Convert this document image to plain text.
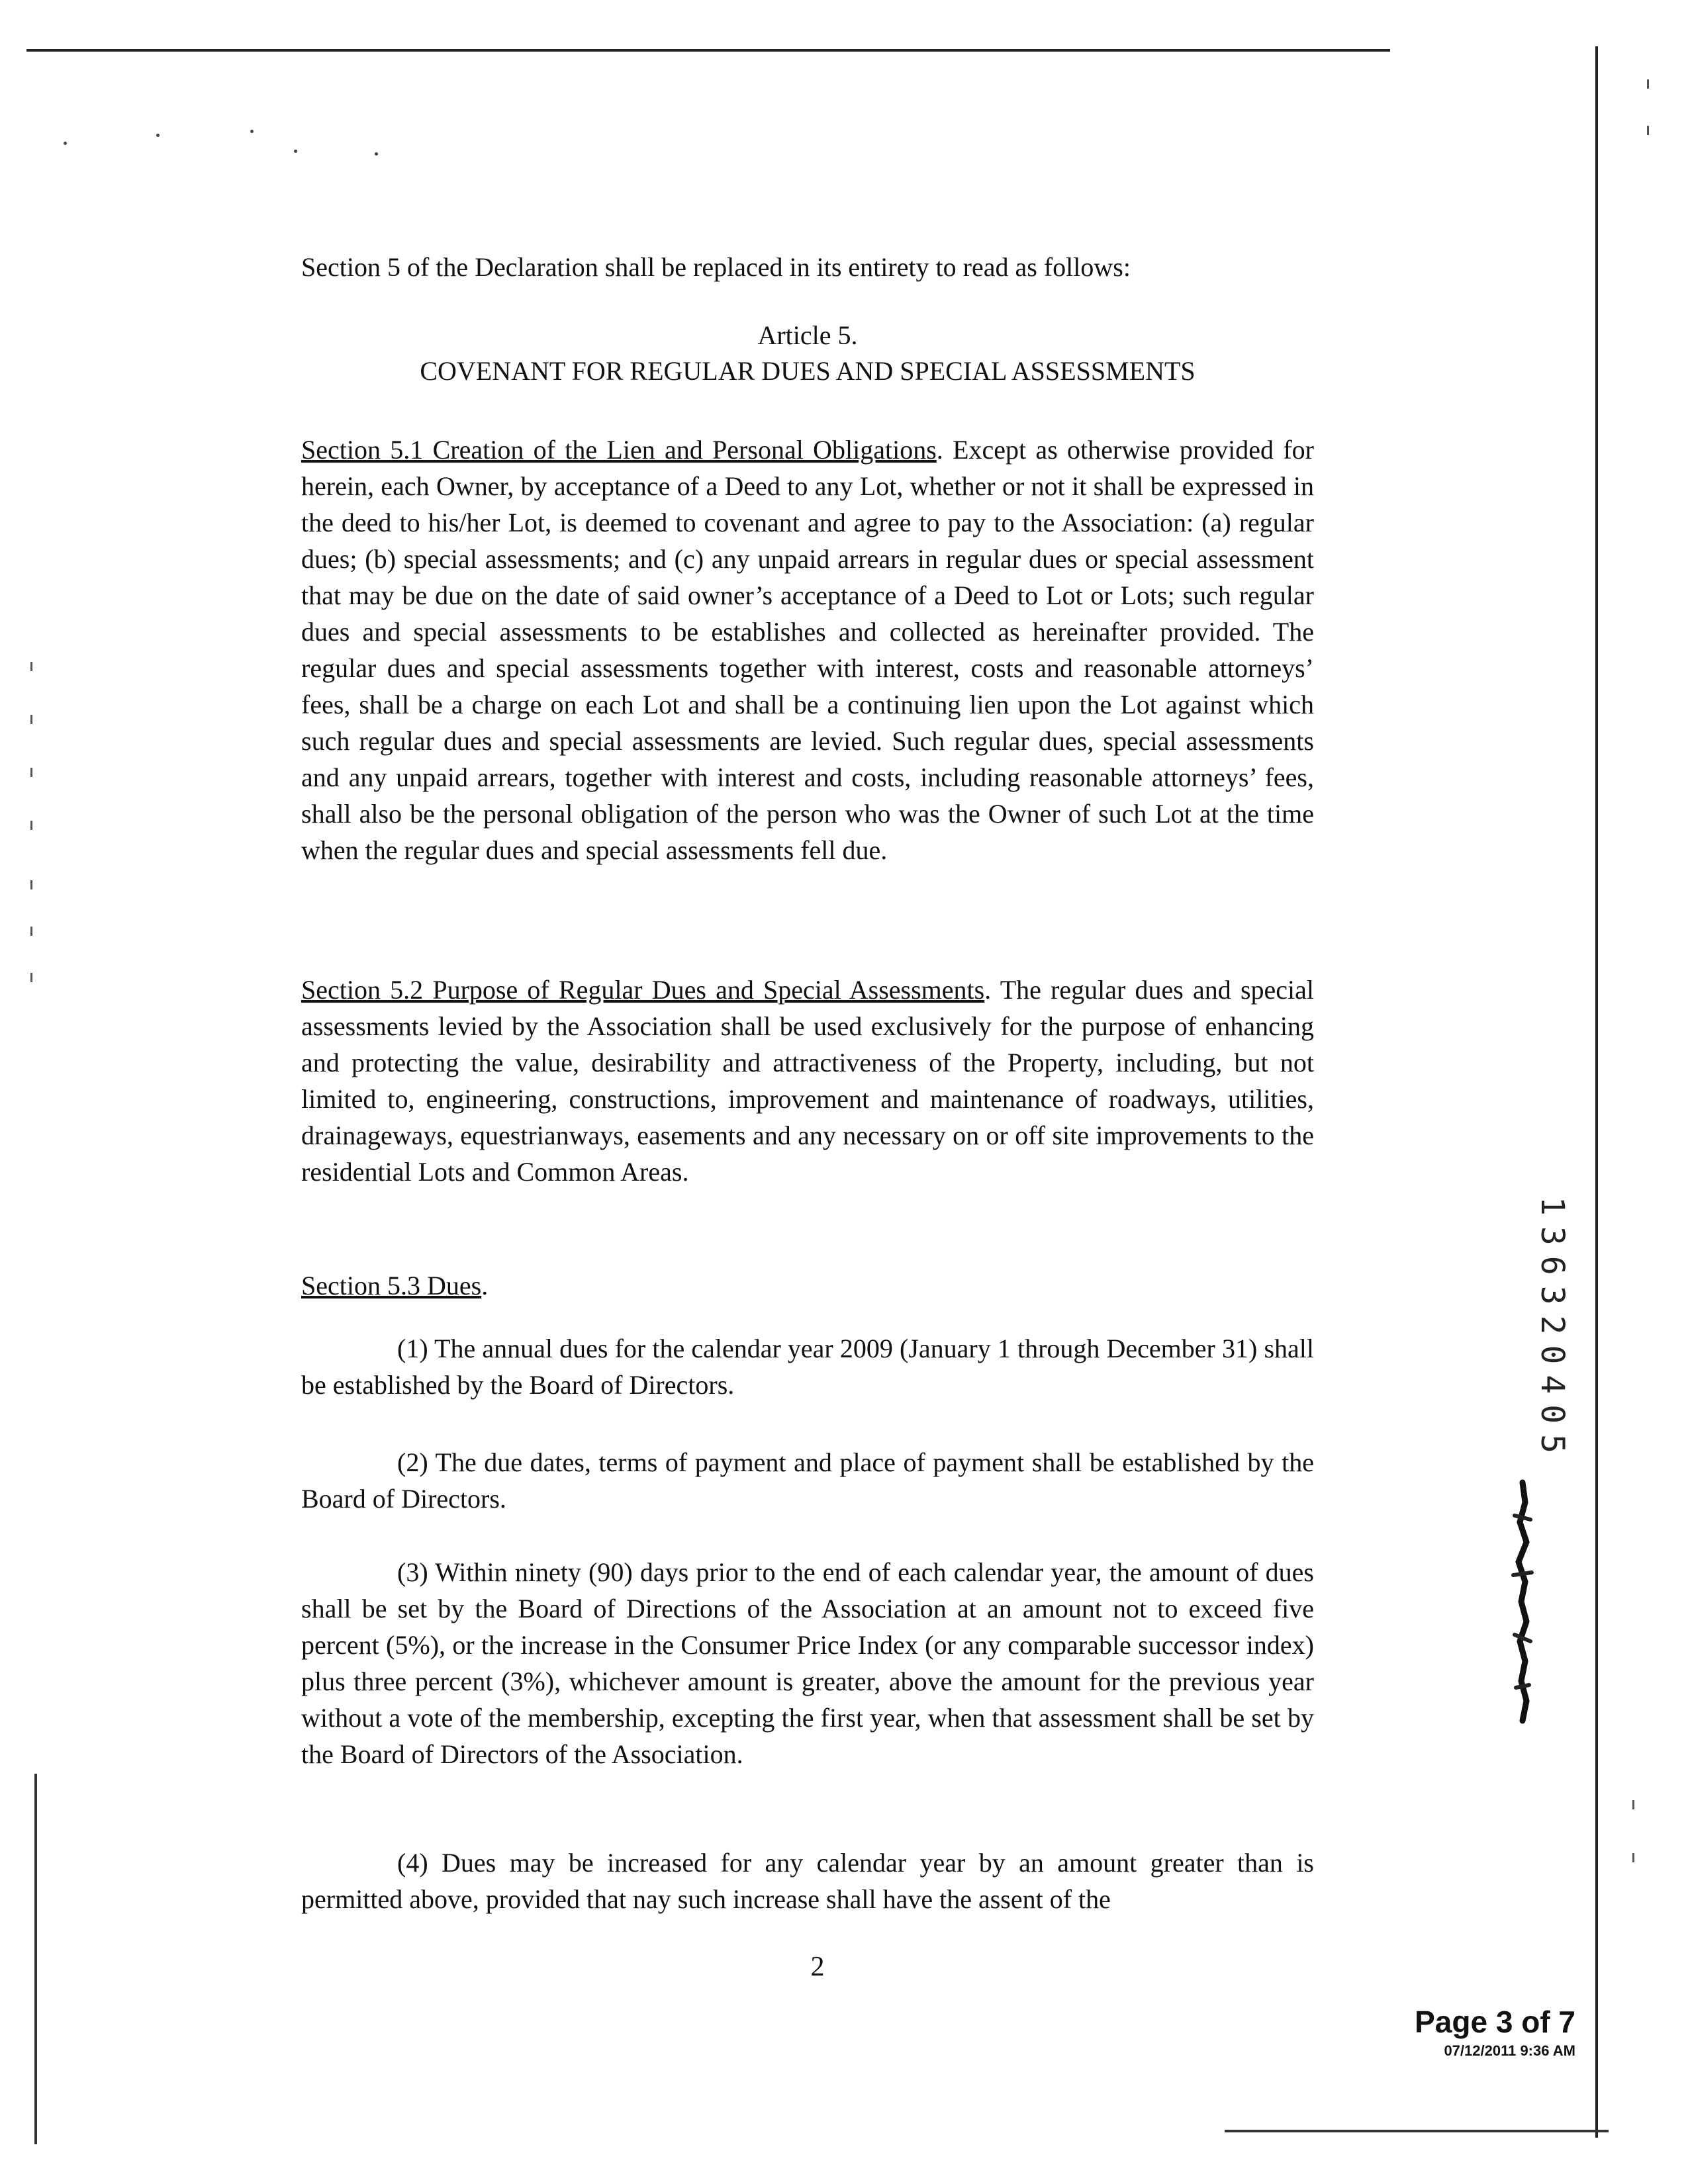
Section 5 of the Declaration shall be replaced in its entirety to read as follows:

Article 5.
COVENANT FOR REGULAR DUES AND SPECIAL ASSESSMENTS

Section 5.1 Creation of the Lien and Personal Obligations. Except as otherwise provided for herein, each Owner, by acceptance of a Deed to any Lot, whether or not it shall be expressed in the deed to his/her Lot, is deemed to covenant and agree to pay to the Association: (a) regular dues; (b) special assessments; and (c) any unpaid arrears in regular dues or special assessment that may be due on the date of said owner’s acceptance of a Deed to Lot or Lots; such regular dues and special assessments to be establishes and collected as hereinafter provided. The regular dues and special assessments together with interest, costs and reasonable attorneys’ fees, shall be a charge on each Lot and shall be a continuing lien upon the Lot against which such regular dues and special assessments are levied. Such regular dues, special assessments and any unpaid arrears, together with interest and costs, including reasonable attorneys’ fees, shall also be the personal obligation of the person who was the Owner of such Lot at the time when the regular dues and special assessments fell due.

Section 5.2 Purpose of Regular Dues and Special Assessments. The regular dues and special assessments levied by the Association shall be used exclusively for the purpose of enhancing and protecting the value, desirability and attractiveness of the Property, including, but not limited to, engineering, constructions, improvement and maintenance of roadways, utilities, drainageways, equestrianways, easements and any necessary on or off site improvements to the residential Lots and Common Areas.

Section 5.3 Dues.

(1) The annual dues for the calendar year 2009 (January 1 through December 31) shall be established by the Board of Directors.

(2) The due dates, terms of payment and place of payment shall be established by the Board of Directors.

(3) Within ninety (90) days prior to the end of each calendar year, the amount of dues shall be set by the Board of Directions of the Association at an amount not to exceed five percent (5%), or the increase in the Consumer Price Index (or any comparable successor index) plus three percent (3%), whichever amount is greater, above the amount for the previous year without a vote of the membership, excepting the first year, when that assessment shall be set by the Board of Directors of the Association.

(4) Dues may be increased for any calendar year by an amount greater than is permitted above, provided that nay such increase shall have the assent of the

2
136320405
Page 3 of 7
07/12/2011 9:36 AM
